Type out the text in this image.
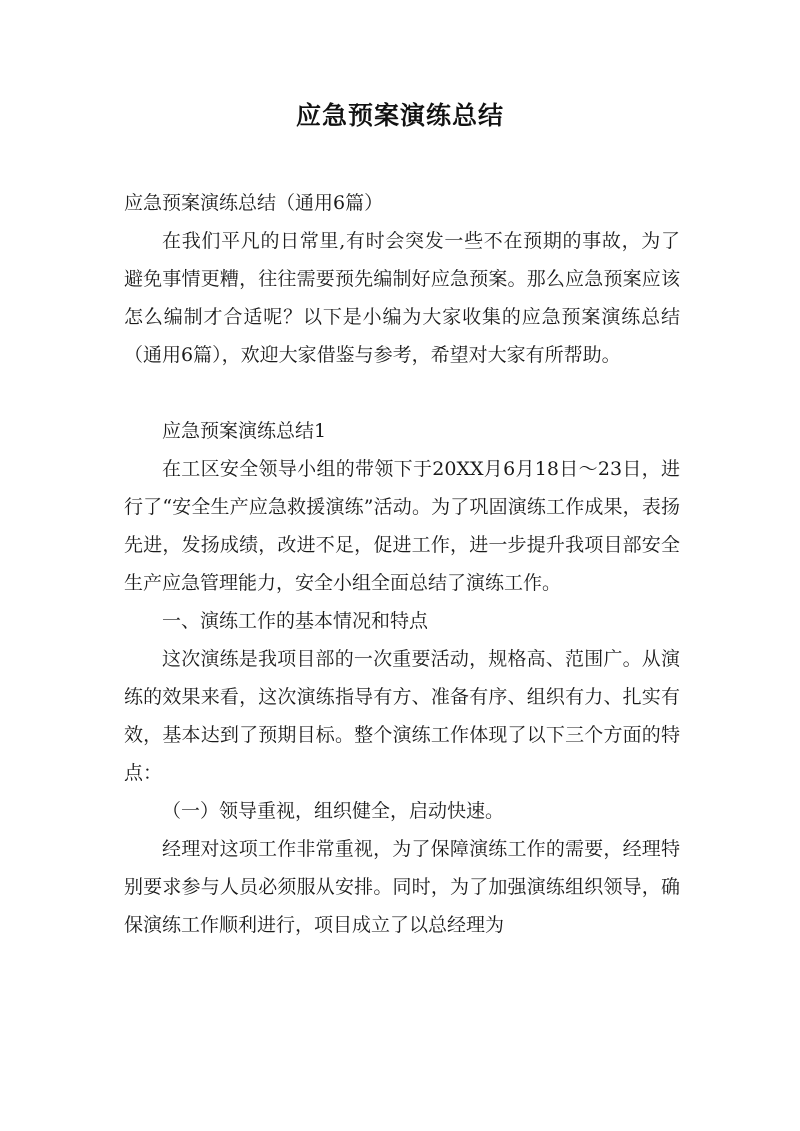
应急预案演练总结

应急预案演练总结（通用6篇）

在我们平凡的日常里,有时会突发一些不在预期的事故，为了避免事情更糟，往往需要预先编制好应急预案。那么应急预案应该怎么编制才合适呢？以下是小编为大家收集的应急预案演练总结（通用6篇），欢迎大家借鉴与参考，希望对大家有所帮助。

应急预案演练总结1

在工区安全领导小组的带领下于20XX月6月18日～23日，进行了“安全生产应急救援演练”活动。为了巩固演练工作成果，表扬先进，发扬成绩，改进不足，促进工作，进一步提升我项目部安全生产应急管理能力，安全小组全面总结了演练工作。

一、演练工作的基本情况和特点

这次演练是我项目部的一次重要活动，规格高、范围广。从演练的效果来看，这次演练指导有方、准备有序、组织有力、扎实有效，基本达到了预期目标。整个演练工作体现了以下三个方面的特点：

（一）领导重视，组织健全，启动快速。

经理对这项工作非常重视，为了保障演练工作的需要，经理特别要求参与人员必须服从安排。同时，为了加强演练组织领导，确保演练工作顺利进行，项目成立了以总经理为
